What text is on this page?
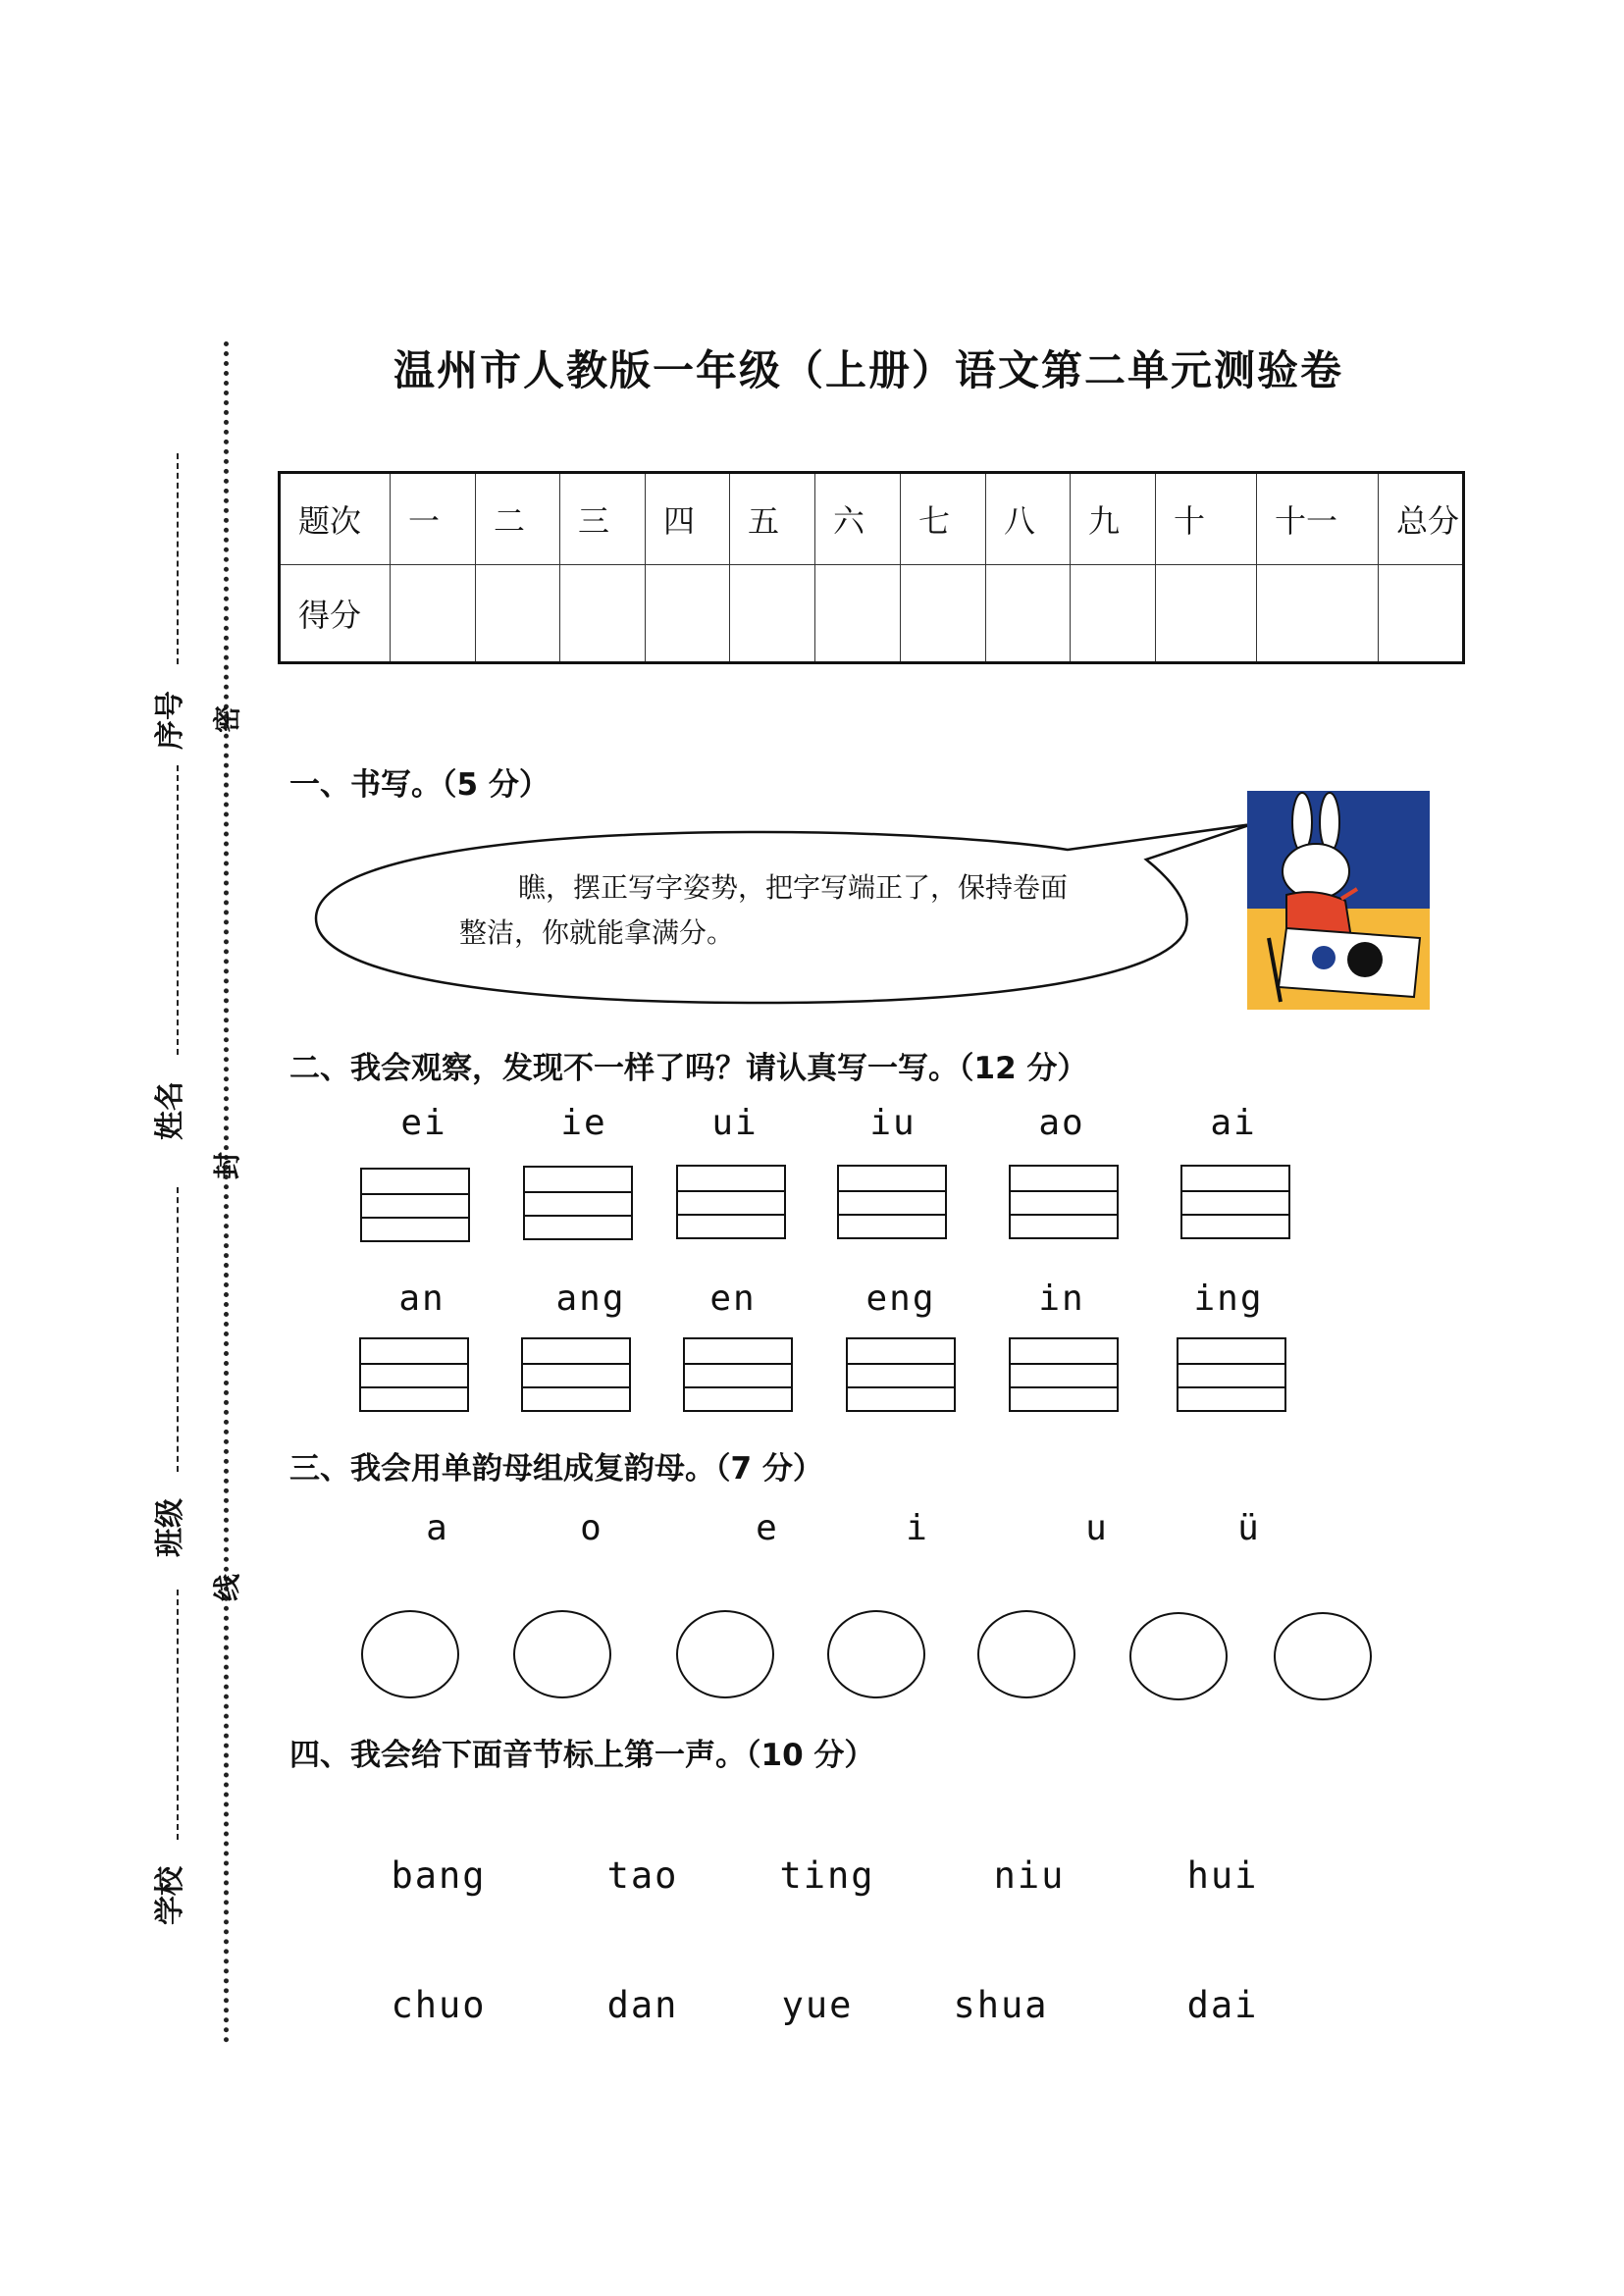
学校
班级
姓名
序号 密
封
线
温州市人教版一年级（上册）语文第二单元测验卷
题次	一	二	三	四	五	六	七	八	九	十	十一	总分
得分												
一、书写。（5 分）
瞧，摆正写字姿势，把字写端正了，保持卷面整洁，你就能拿满分。
二、我会观察，发现不一样了吗？请认真写一写。（12 分）
ei	ie	ui	iu	ao	ai
an	ang	en	eng	in	ing
三、我会用单韵母组成复韵母。（7 分）
a	o	e	i	u	ü
四、我会给下面音节标上第一声。（10 分）
bang	tao	ting	niu	hui
chuo	dan	yue	shua	dai
